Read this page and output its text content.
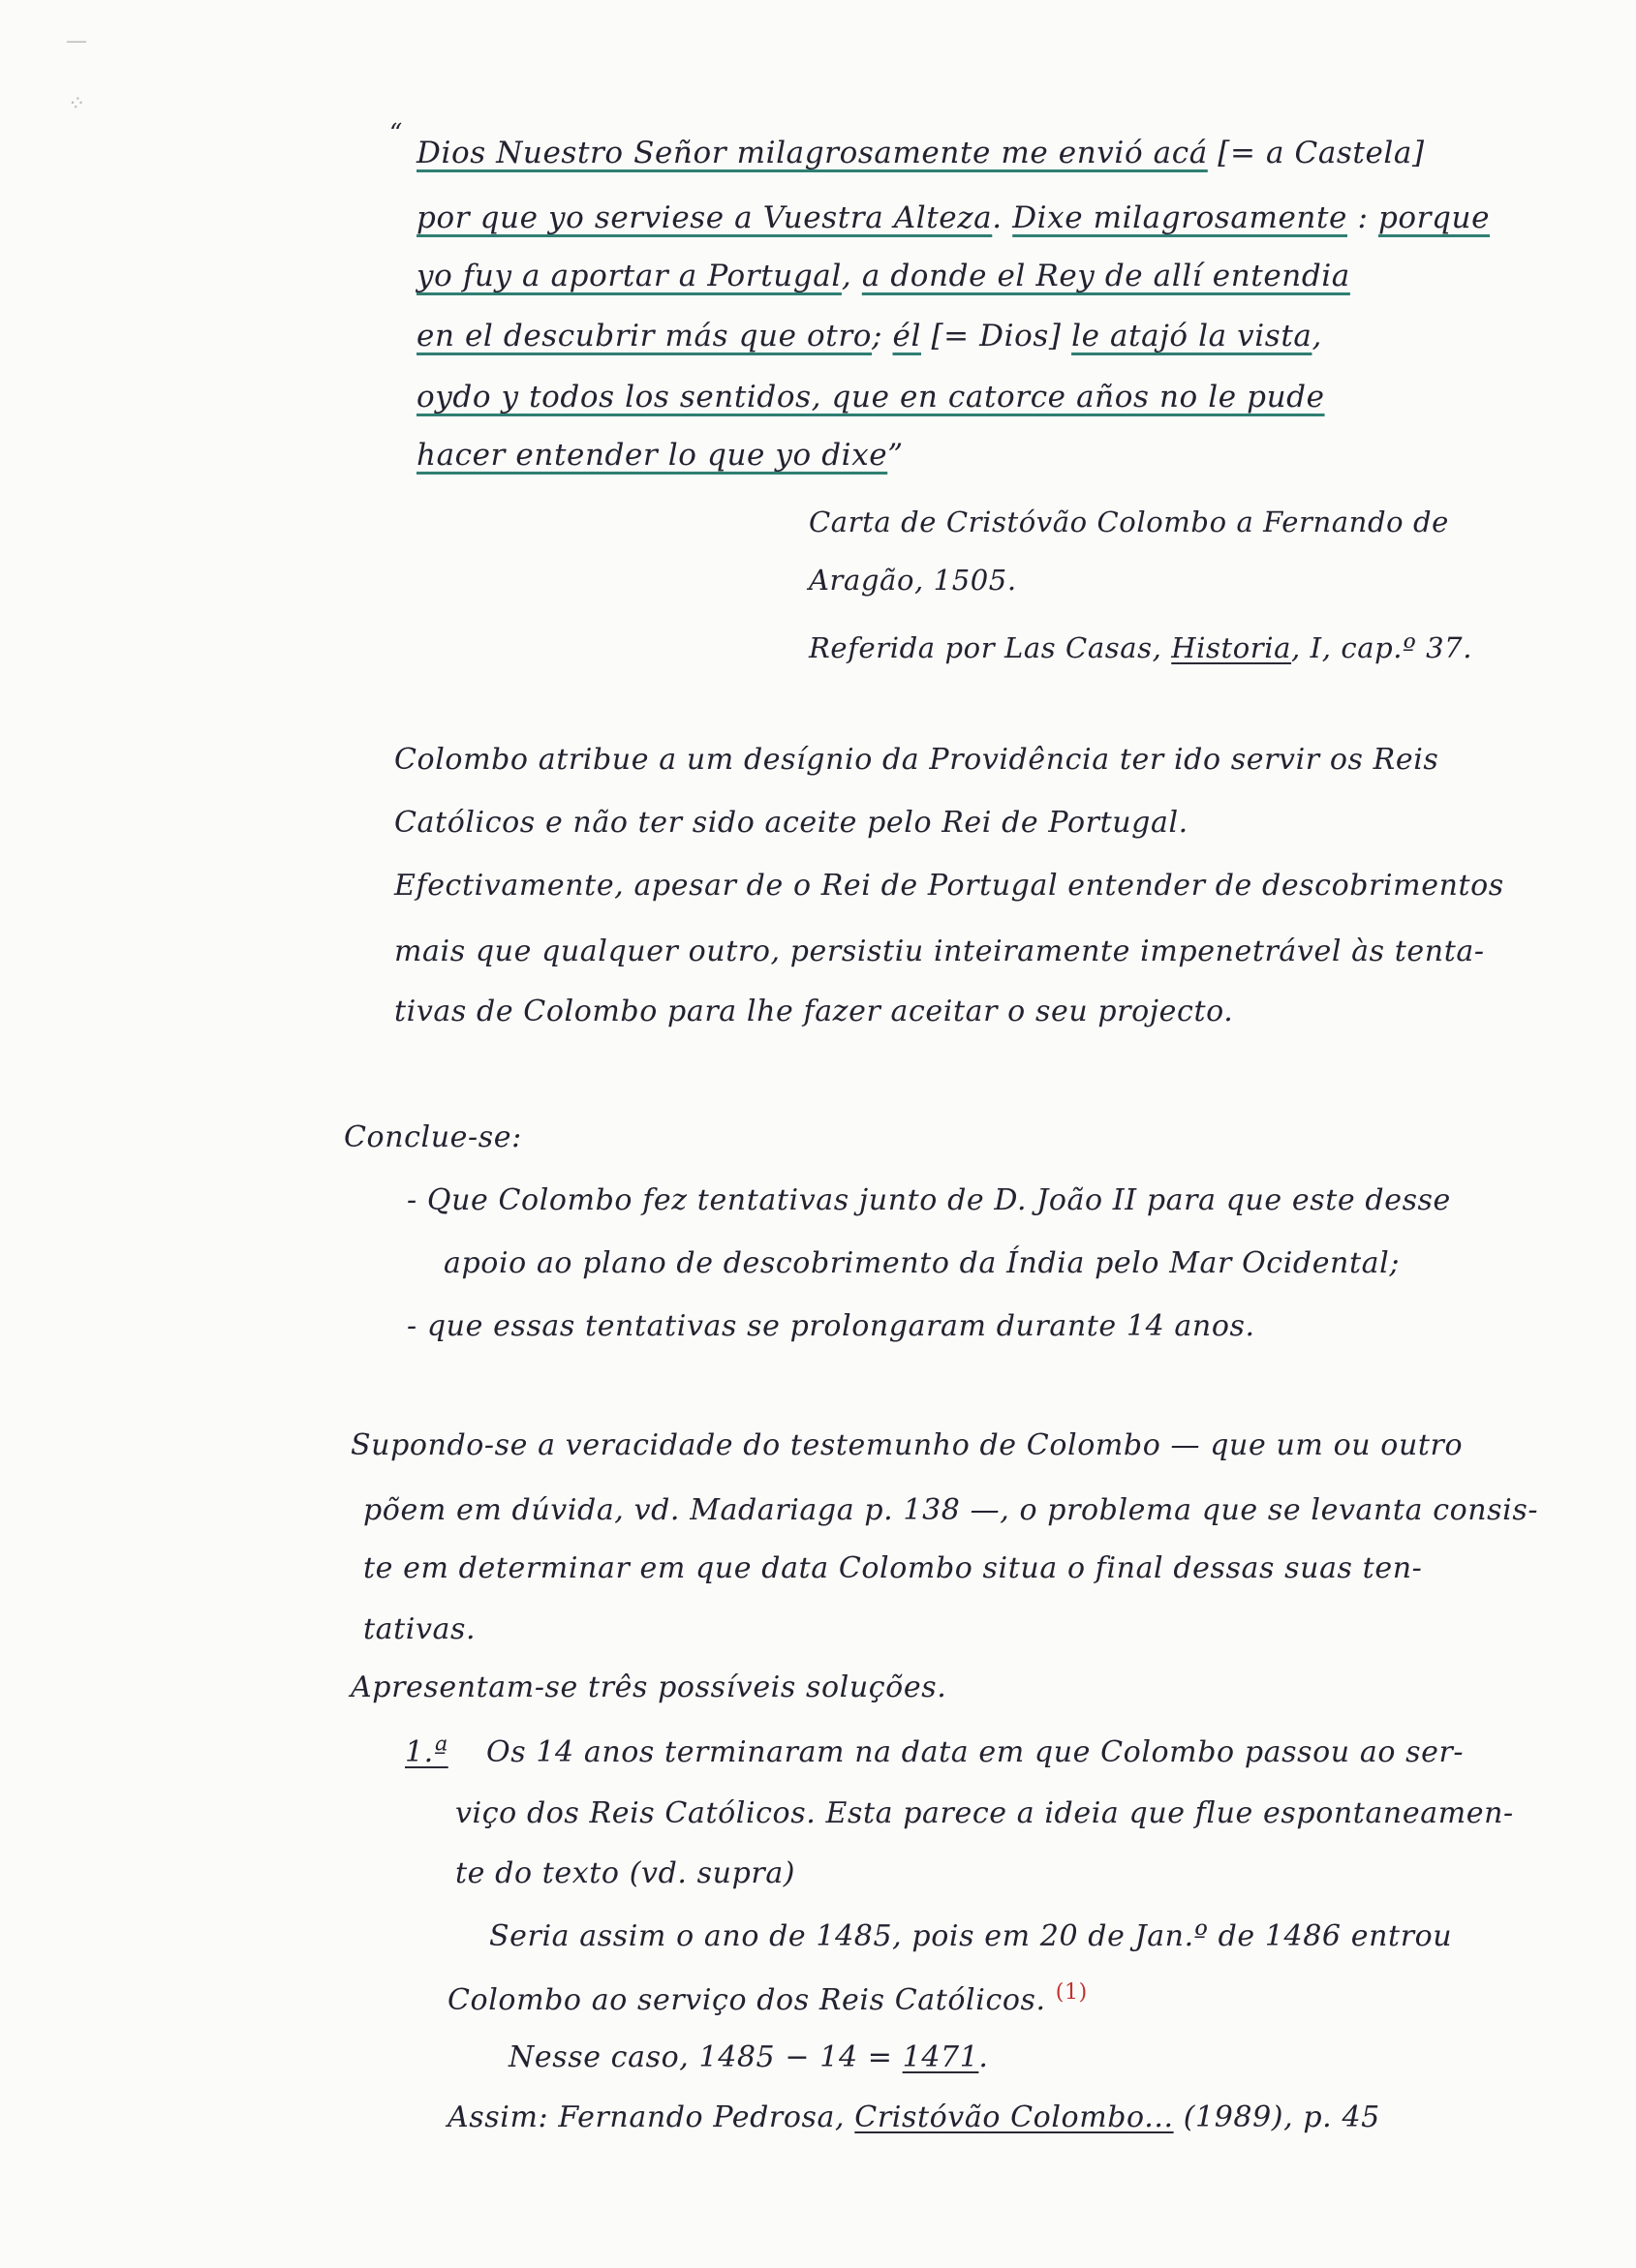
—
⁘
“
Dios Nuestro Señor milagrosamente me envió acá [= a Castela]
por que yo serviese a Vuestra Alteza. Dixe milagrosamente : porque
yo fuy a aportar a Portugal, a donde el Rey de allí entendia
en el descubrir más que otro; él [= Dios] le atajó la vista,
oydo y todos los sentidos, que en catorce años no le pude
hacer entender lo que yo dixe”
Carta de Cristóvão Colombo a Fernando de
Aragão, 1505.
Referida por Las Casas, Historia, I, cap.º 37.
Colombo atribue a um desígnio da Providência ter ido servir os Reis
Católicos e não ter sido aceite pelo Rei de Portugal.
Efectivamente, apesar de o Rei de Portugal entender de descobrimentos
mais que qualquer outro, persistiu inteiramente impenetrável às tenta-
tivas de Colombo para lhe fazer aceitar o seu projecto.
Conclue-se:
- Que Colombo fez tentativas junto de D. João II para que este desse
apoio ao plano de descobrimento da Índia pelo Mar Ocidental;
- que essas tentativas se prolongaram durante 14 anos.
Supondo-se a veracidade do testemunho de Colombo — que um ou outro
põem em dúvida, vd. Madariaga p. 138 —, o problema que se levanta consis-
te em determinar em que data Colombo situa o final dessas suas ten-
tativas.
Apresentam-se três possíveis soluções.
1.ª Os 14 anos terminaram na data em que Colombo passou ao ser-
viço dos Reis Católicos. Esta parece a ideia que flue espontaneamen-
te do texto (vd. supra)
Seria assim o ano de 1485, pois em 20 de Jan.º de 1486 entrou
Colombo ao serviço dos Reis Católicos. $^{(1)}$
Nesse caso, 1485 − 14 = 1471.
Assim: Fernando Pedrosa, Cristóvão Colombo... (1989), p. 45
